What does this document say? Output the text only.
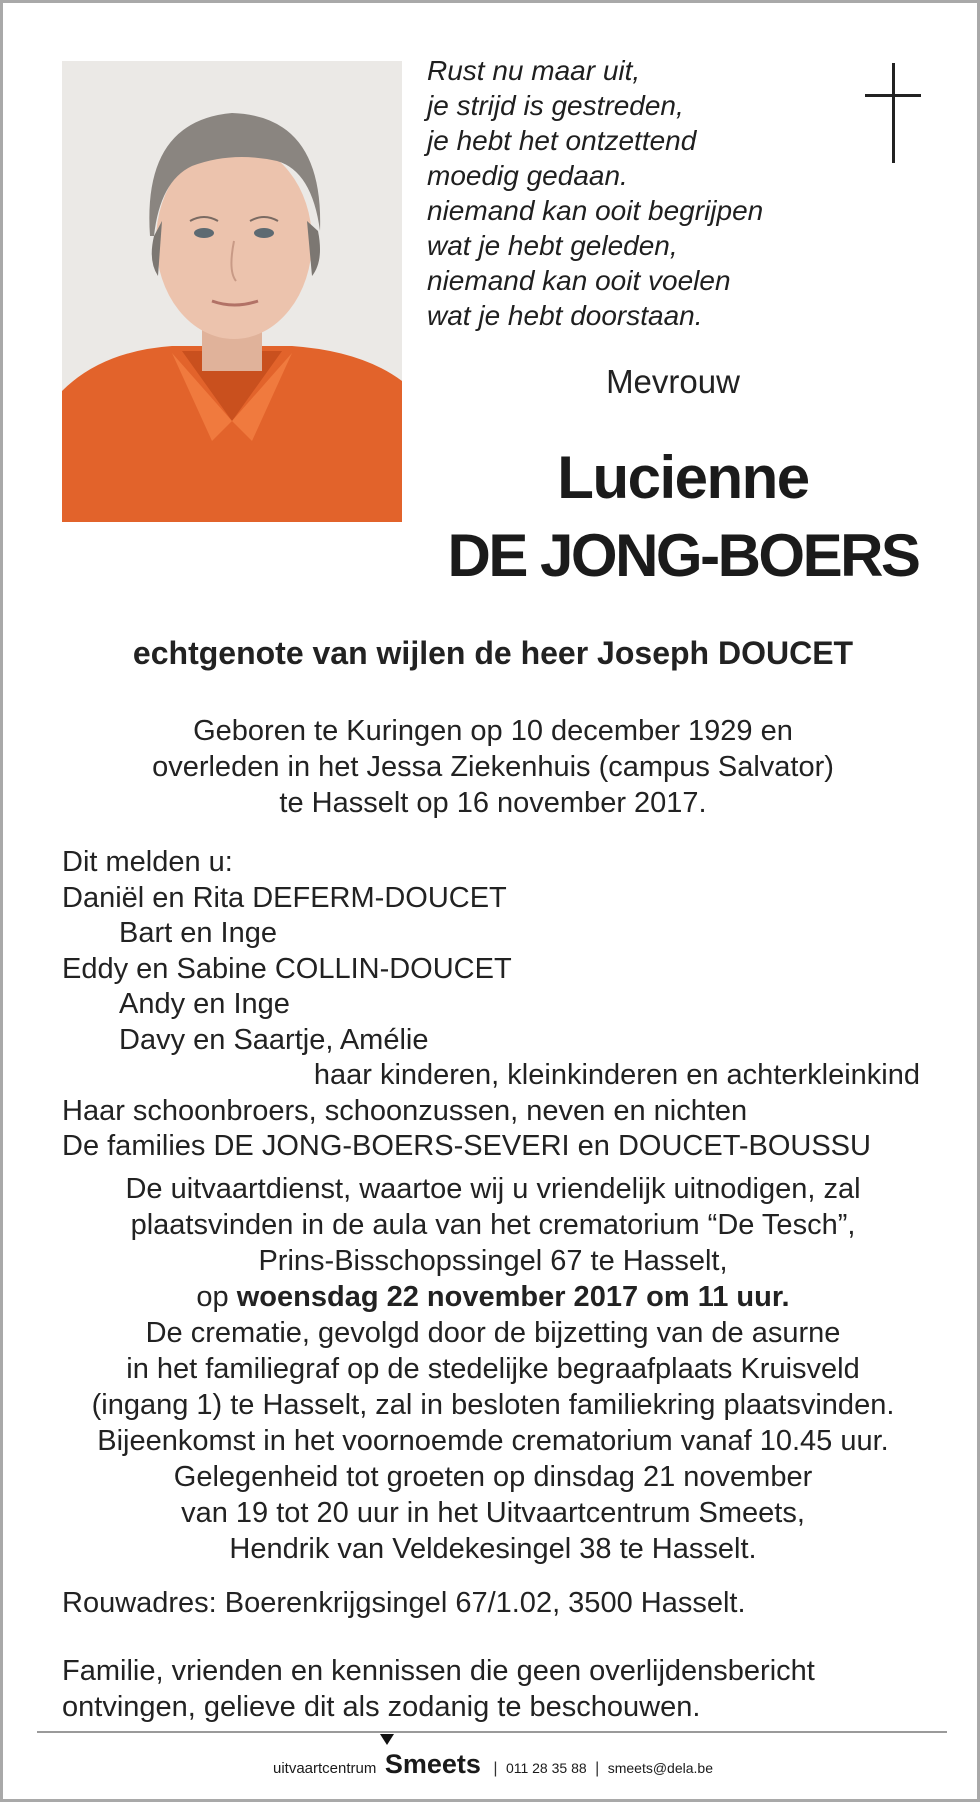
Rust nu maar uit,
je strijd is gestreden,
je hebt het ontzettend
moedig gedaan.
niemand kan ooit begrijpen
wat je hebt geleden,
niemand kan ooit voelen
wat je hebt doorstaan.
Mevrouw
Lucienne
DE JONG-BOERS
echtgenote van wijlen de heer Joseph DOUCET
Geboren te Kuringen op 10 december 1929 en
overleden in het Jessa Ziekenhuis (campus Salvator)
te Hasselt op 16 november 2017.
Dit melden u:
Daniël en Rita DEFERM-DOUCET
Bart en Inge
Eddy en Sabine COLLIN-DOUCET
Andy en Inge
Davy en Saartje, Amélie
haar kinderen, kleinkinderen en achterkleinkind
Haar schoonbroers, schoonzussen, neven en nichten
De families DE JONG-BOERS-SEVERI en DOUCET-BOUSSU
De uitvaartdienst, waartoe wij u vriendelijk uitnodigen, zal
plaatsvinden in de aula van het crematorium “De Tesch”,
Prins-Bisschopssingel 67 te Hasselt,
op woensdag 22 november 2017 om 11 uur.
De crematie, gevolgd door de bijzetting van de asurne
in het familiegraf op de stedelijke begraafplaats Kruisveld
(ingang 1) te Hasselt, zal in besloten familiekring plaatsvinden.
Bijeenkomst in het voornoemde crematorium vanaf 10.45 uur.
Gelegenheid tot groeten op dinsdag 21 november
van 19 tot 20 uur in het Uitvaartcentrum Smeets,
Hendrik van Veldekesingel 38 te Hasselt.
Rouwadres: Boerenkrijgsingel 67/1.02, 3500 Hasselt.
Familie, vrienden en kennissen die geen overlijdensbericht
ontvingen, gelieve dit als zodanig te beschouwen.
uitvaartcentrum Smeets | 011 28 35 88 | smeets@dela.be
